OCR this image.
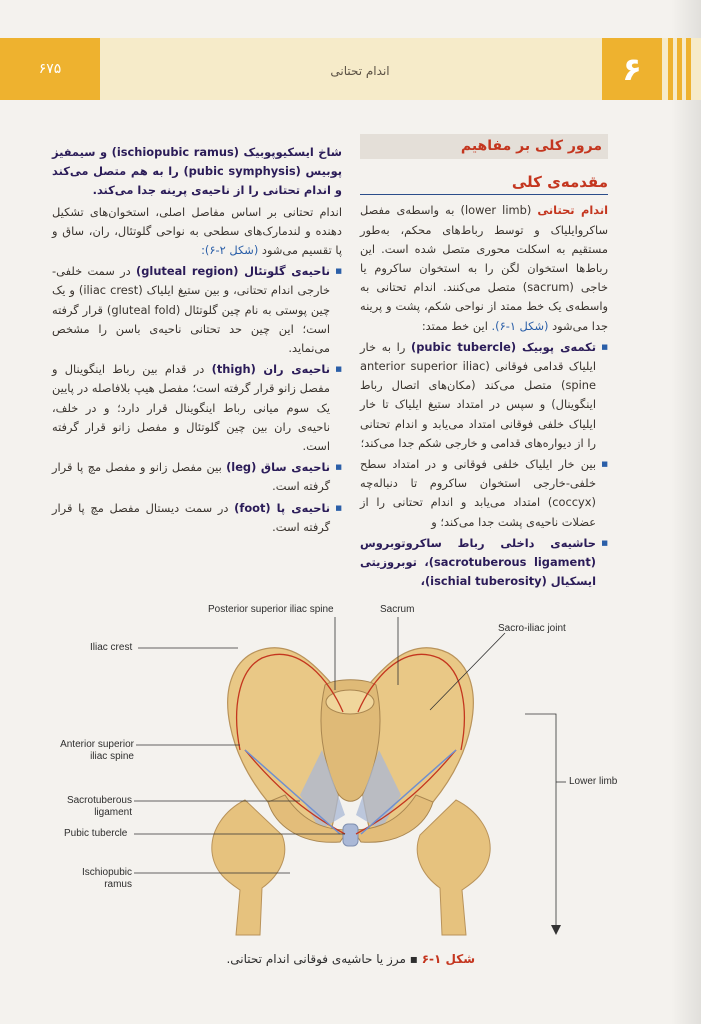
۶۷۵	اندام تحتانی	۶
مرور کلی بر مفاهیم
مقدمه‌ی کلی

اندام تحتانی (lower limb) به واسطه‌ی مفصل ساکروایلیاک و توسط رباط‌های محکم، به‌طور مستقیم به اسکلت محوری متصل شده است. این رباط‌ها استخوان لگن را به استخوان ساکروم یا خاجی (sacrum) متصل می‌کنند. اندام تحتانی به واسطه‌ی یک خط ممتد از نواحی شکم، پشت و پرینه جدا می‌شود (شکل ۱-۶). این خط ممتد:

■ تکمه‌ی پوبیک (pubic tubercle) را به خار ایلیاک قدامی فوقانی (anterior superior iliac spine) متصل می‌کند (مکان‌های اتصال رباط اینگوینال) و سپس در امتداد ستیغ ایلیاک تا خار ایلیاک خلفی فوقانی امتداد می‌یابد و اندام تحتانی را از دیواره‌های قدامی و خارجی شکم جدا می‌کند؛

■ بین خار ایلیاک خلفی فوقانی و در امتداد سطح خلفی-خارجی استخوان ساکروم تا دنباله‌چه (coccyx) امتداد می‌یابد و اندام تحتانی را از عضلات ناحیه‌ی پشت جدا می‌کند؛ و

■ حاشیه‌ی داخلی رباط ساکروتوبروس (sacrotuberous ligament)، توبروزیتی ایسکیال (ischial tuberosity)،

شاخ ایسکیوپوبیک (ischiopubic ramus) و سیمفیز پوبیس (pubic symphysis) را به هم متصل می‌کند و اندام تحتانی را از ناحیه‌ی پرینه جدا می‌کند.

اندام تحتانی بر اساس مفاصل اصلی، استخوان‌های تشکیل دهنده و لندمارک‌های سطحی به نواحی گلوتئال، ران، ساق و پا تقسیم می‌شود (شکل ۲-۶):

■ ناحیه‌ی گلوتئال (gluteal region) در سمت خلفی-خارجی اندام تحتانی، و بین ستیغ ایلیاک (iliac crest) و یک چین پوستی به نام چین گلوتئال (gluteal fold) قرار گرفته است؛ این چین حد تحتانی ناحیه‌ی باسن را مشخص می‌نماید.

■ ناحیه‌ی ران (thigh) در قدام بین رباط اینگوینال و مفصل زانو قرار گرفته است؛ مفصل هیپ بلافاصله در پایین یک سوم میانی رباط اینگوینال قرار دارد؛ و در خلف، ناحیه‌ی ران بین چین گلوتئال و مفصل زانو قرار گرفته است.

■ ناحیه‌ی ساق (leg) بین مفصل زانو و مفصل مچ پا قرار گرفته است.

■ ناحیه‌ی پا (foot) در سمت دیستال مفصل مچ پا قرار گرفته است.

Posterior superior iliac spine	Sacrum
Sacro-iliac joint
Iliac crest
Anterior superior
iliac spine
Sacrotuberous
ligament
Pubic tubercle
Ischiopubic
ramus
Lower limb
شکل ۱-۶ ▪ مرز یا حاشیه‌ی فوقانی اندام تحتانی.
